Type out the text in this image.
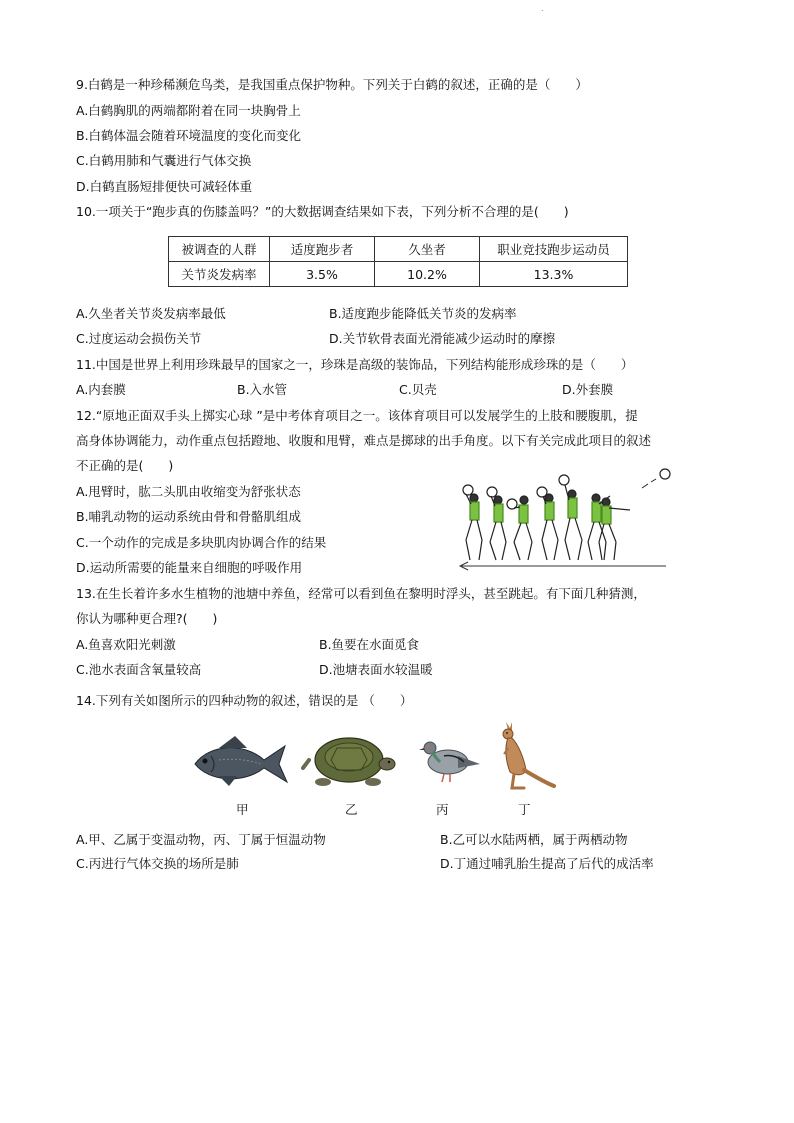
.
9.白鹤是一种珍稀濒危鸟类，是我国重点保护物种。下列关于白鹤的叙述，正确的是（　　）
A.白鹤胸肌的两端都附着在同一块胸骨上
B.白鹤体温会随着环境温度的变化而变化
C.白鹤用肺和气囊进行气体交换
D.白鹤直肠短排便快可减轻体重
10.一项关于“跑步真的伤膝盖吗？”的大数据调查结果如下表，下列分析不合理的是(　　)
被调查的人群	适度跑步者	久坐者	职业竞技跑步运动员
关节炎发病率	3.5%	10.2%	13.3%
A.久坐者关节炎发病率最低	B.适度跑步能降低关节炎的发病率
C.过度运动会损伤关节	D.关节软骨表面光滑能减少运动时的摩擦
11.中国是世界上利用珍珠最早的国家之一，珍珠是高级的装饰品，下列结构能形成珍珠的是（　　）
A.内套膜	B.入水管	C.贝壳	D.外套膜
12.“原地正面双手头上掷实心球 ”是中考体育项目之一。该体育项目可以发展学生的上肢和腰腹肌，提
高身体协调能力，动作重点包括蹬地、收腹和甩臂，难点是掷球的出手角度。以下有关完成此项目的叙述
不正确的是(　　)
A.甩臂时，肱二头肌由收缩变为舒张状态
B.哺乳动物的运动系统由骨和骨骼肌组成
C.一个动作的完成是多块肌肉协调合作的结果
D.运动所需要的能量来自细胞的呼吸作用
13.在生长着许多水生植物的池塘中养鱼，经常可以看到鱼在黎明时浮头，甚至跳起。有下面几种猜测，
你认为哪种更合理?(　　)
A.鱼喜欢阳光刺激	B.鱼要在水面觅食
C.池水表面含氧量较高	D.池塘表面水较温暖
14.下列有关如图所示的四种动物的叙述，错误的是 （　　）
甲	乙	丙	丁
A.甲、乙属于变温动物，丙、丁属于恒温动物	B.乙可以水陆两栖，属于两栖动物
C.丙进行气体交换的场所是肺	D.丁通过哺乳胎生提高了后代的成活率
